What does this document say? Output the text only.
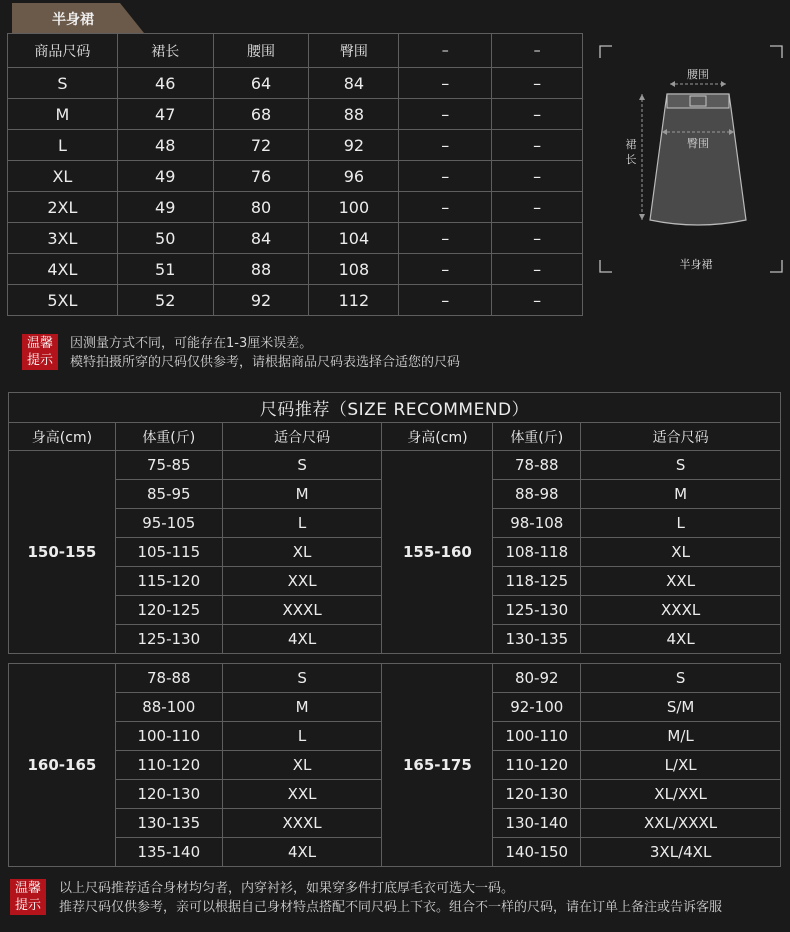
半身裙
商品尺码	裙长	腰围	臀围	–	–
S	46	64	84	–	–
M	47	68	88	–	–
L	48	72	92	–	–
XL	49	76	96	–	–
2XL	49	80	100	–	–
3XL	50	84	104	–	–
4XL	51	88	108	–	–
5XL	52	92	112	–	–
腰围
臀围
裙
长
半身裙
温馨
提示
因测量方式不同，可能存在1-3厘米误差。
模特拍摄所穿的尺码仅供参考，请根据商品尺码表选择合适您的尺码
尺码推荐（SIZE RECOMMEND）					
身高(cm)	体重(斤)	适合尺码	身高(cm)	体重(斤)	适合尺码
150-155	75-85	S	155-160	78-88	S
	85-95	M		88-98	M
	95-105	L		98-108	L
	105-115	XL		108-118	XL
	115-120	XXL		118-125	XXL
	120-125	XXXL		125-130	XXXL
	125-130	4XL		130-135	4XL
160-165	78-88	S	165-175	80-92	S
	88-100	M		92-100	S/M
	100-110	L		100-110	M/L
	110-120	XL		110-120	L/XL
	120-130	XXL		120-130	XL/XXL
	130-135	XXXL		130-140	XXL/XXXL
	135-140	4XL		140-150	3XL/4XL
温馨
提示
以上尺码推荐适合身材均匀者，内穿衬衫，如果穿多件打底厚毛衣可选大一码。
推荐尺码仅供参考，亲可以根据自己身材特点搭配不同尺码上下衣。组合不一样的尺码，请在订单上备注或告诉客服
